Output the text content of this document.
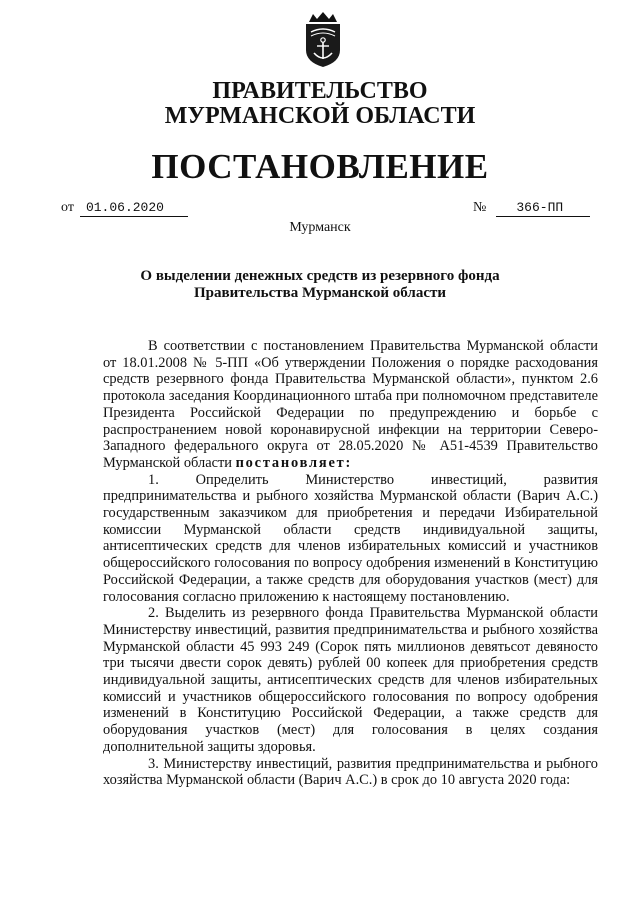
ПРАВИТЕЛЬСТВО
МУРМАНСКОЙ ОБЛАСТИ
ПОСТАНОВЛЕНИЕ
от 01.06.2020	№ 366-ПП
Мурманск
О выделении денежных средств из резервного фонда
Правительства Мурманской области

В соответствии с постановлением Правительства Мурманской области от 18.01.2008 № 5-ПП «Об утверждении Положения о порядке расходования средств резервного фонда Правительства Мурманской области», пунктом 2.6 протокола заседания Координационного штаба при полномочном представителе Президента Российской Федерации по предупреждению и борьбе с распространением новой коронавирусной инфекции на территории Северо-Западного федерального округа от 28.05.2020 № А51-4539 Правительство Мурманской области постановляет:

1. Определить Министерство инвестиций, развития предпринимательства и рыбного хозяйства Мурманской области (Варич А.С.) государственным заказчиком для приобретения и передачи Избирательной комиссии Мурманской области средств индивидуальной защиты, антисептических средств для членов избирательных комиссий и участников общероссийского голосования по вопросу одобрения изменений в Конституцию Российской Федерации, а также средств для оборудования участков (мест) для голосования согласно приложению к настоящему постановлению.

2. Выделить из резервного фонда Правительства Мурманской области Министерству инвестиций, развития предпринимательства и рыбного хозяйства Мурманской области 45 993 249 (Сорок пять миллионов девятьсот девяносто три тысячи двести сорок девять) рублей 00 копеек для приобретения средств индивидуальной защиты, антисептических средств для членов избирательных комиссий и участников общероссийского голосования по вопросу одобрения изменений в Конституцию Российской Федерации, а также средств для оборудования участков (мест) для голосования в целях создания дополнительной защиты здоровья.

3. Министерству инвестиций, развития предпринимательства и рыбного хозяйства Мурманской области (Варич А.С.) в срок до 10 августа 2020 года:
